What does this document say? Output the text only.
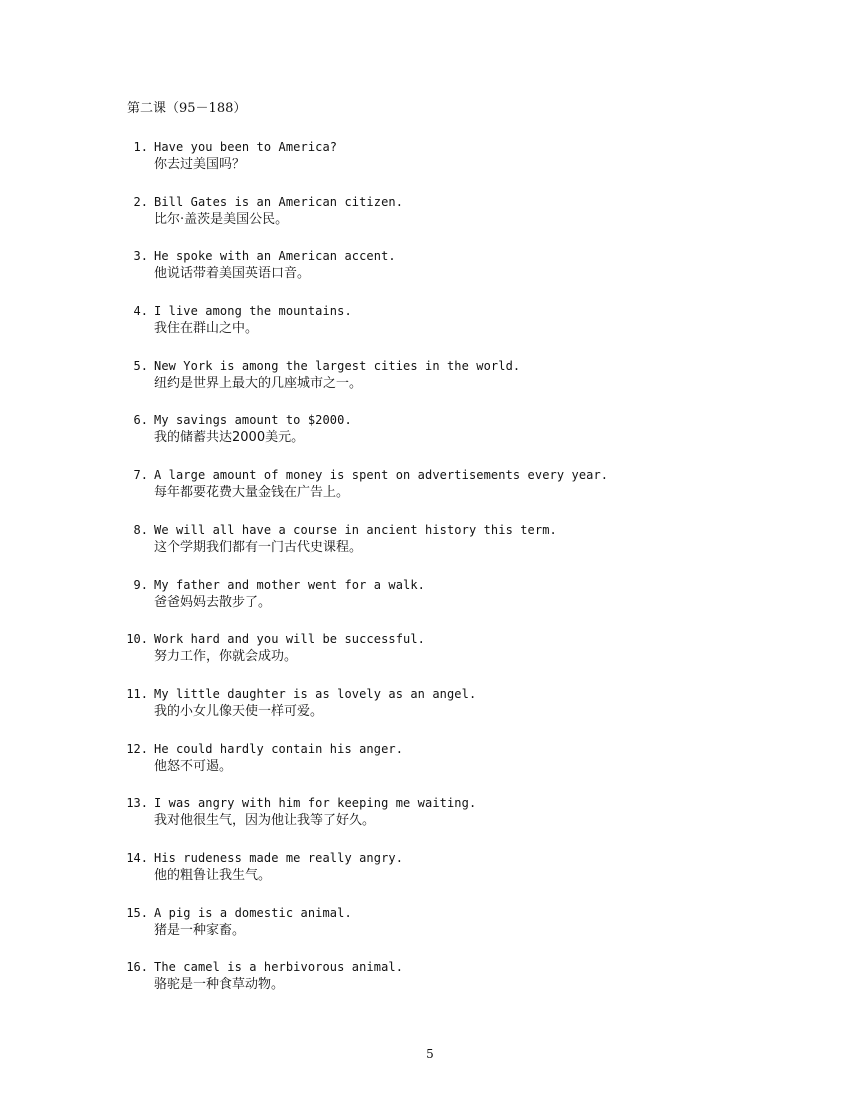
第二课（95－188）
1. Have you been to America?
你去过美国吗？
2. Bill Gates is an American citizen.
比尔·盖茨是美国公民。
3. He spoke with an American accent.
他说话带着美国英语口音。
4. I live among the mountains.
我住在群山之中。
5. New York is among the largest cities in the world.
纽约是世界上最大的几座城市之一。
6. My savings amount to $2000.
我的储蓄共达2000美元。
7. A large amount of money is spent on advertisements every year.
每年都要花费大量金钱在广告上。
8. We will all have a course in ancient history this term.
这个学期我们都有一门古代史课程。
9. My father and mother went for a walk.
爸爸妈妈去散步了。
10. Work hard and you will be successful.
努力工作，你就会成功。
11. My little daughter is as lovely as an angel.
我的小女儿像天使一样可爱。
12. He could hardly contain his anger.
他怒不可遏。
13. I was angry with him for keeping me waiting.
我对他很生气，因为他让我等了好久。
14. His rudeness made me really angry.
他的粗鲁让我生气。
15. A pig is a domestic animal.
猪是一种家畜。
16. The camel is a herbivorous animal.
骆驼是一种食草动物。
5
